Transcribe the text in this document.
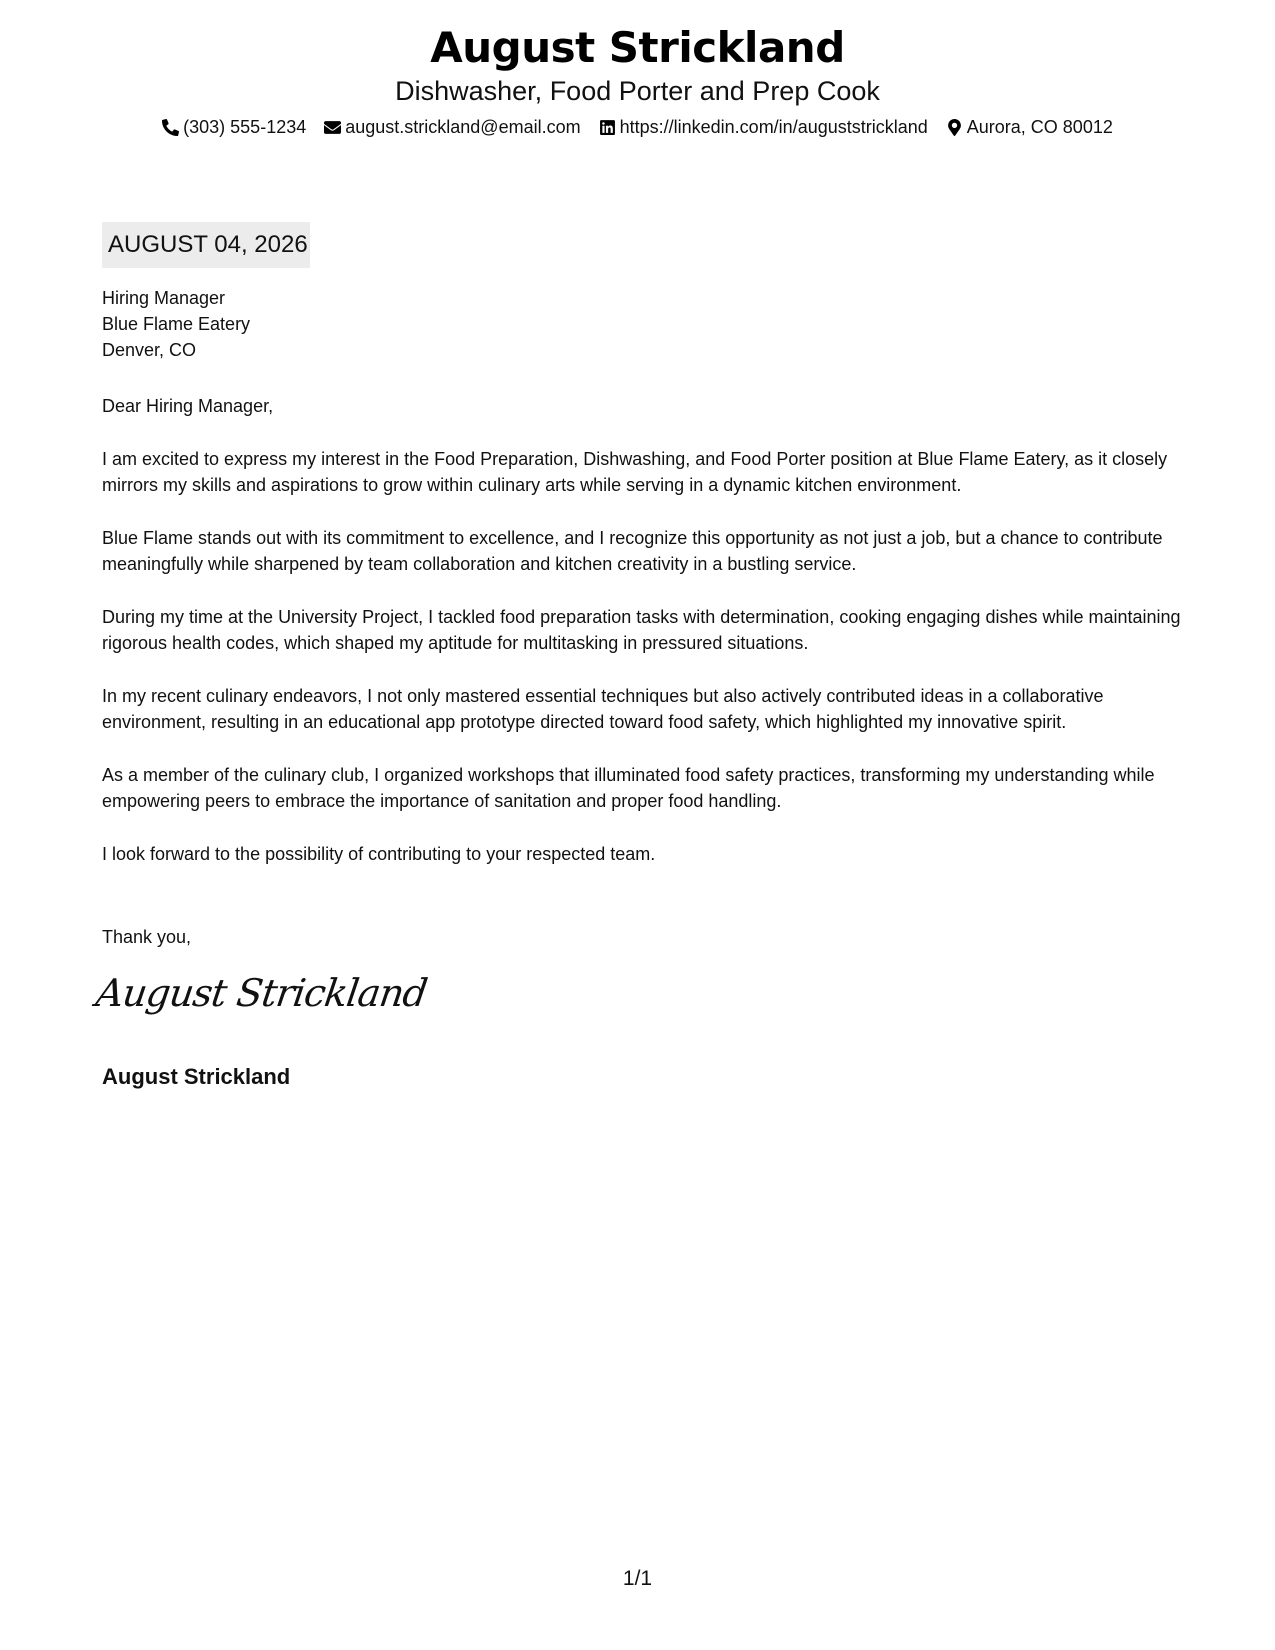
August Strickland
Dishwasher, Food Porter and Prep Cook
(303) 555-1234 august.strickland@email.com https://linkedin.com/in/auguststrickland Aurora, CO 80012
AUGUST 04, 2026
Hiring Manager
Blue Flame Eatery
Denver, CO
Dear Hiring Manager,

I am excited to express my interest in the Food Preparation, Dishwashing, and Food Porter position at Blue Flame Eatery, as it closely mirrors my skills and aspirations to grow within culinary arts while serving in a dynamic kitchen environment.

Blue Flame stands out with its commitment to excellence, and I recognize this opportunity as not just a job, but a chance to contribute meaningfully while sharpened by team collaboration and kitchen creativity in a bustling service.

During my time at the University Project, I tackled food preparation tasks with determination, cooking engaging dishes while maintaining rigorous health codes, which shaped my aptitude for multitasking in pressured situations.

In my recent culinary endeavors, I not only mastered essential techniques but also actively contributed ideas in a collaborative environment, resulting in an educational app prototype directed toward food safety, which highlighted my innovative spirit.

As a member of the culinary club, I organized workshops that illuminated food safety practices, transforming my understanding while empowering peers to embrace the importance of sanitation and proper food handling.

I look forward to the possibility of contributing to your respected team.

Thank you,
August Strickland
August Strickland
1/1
